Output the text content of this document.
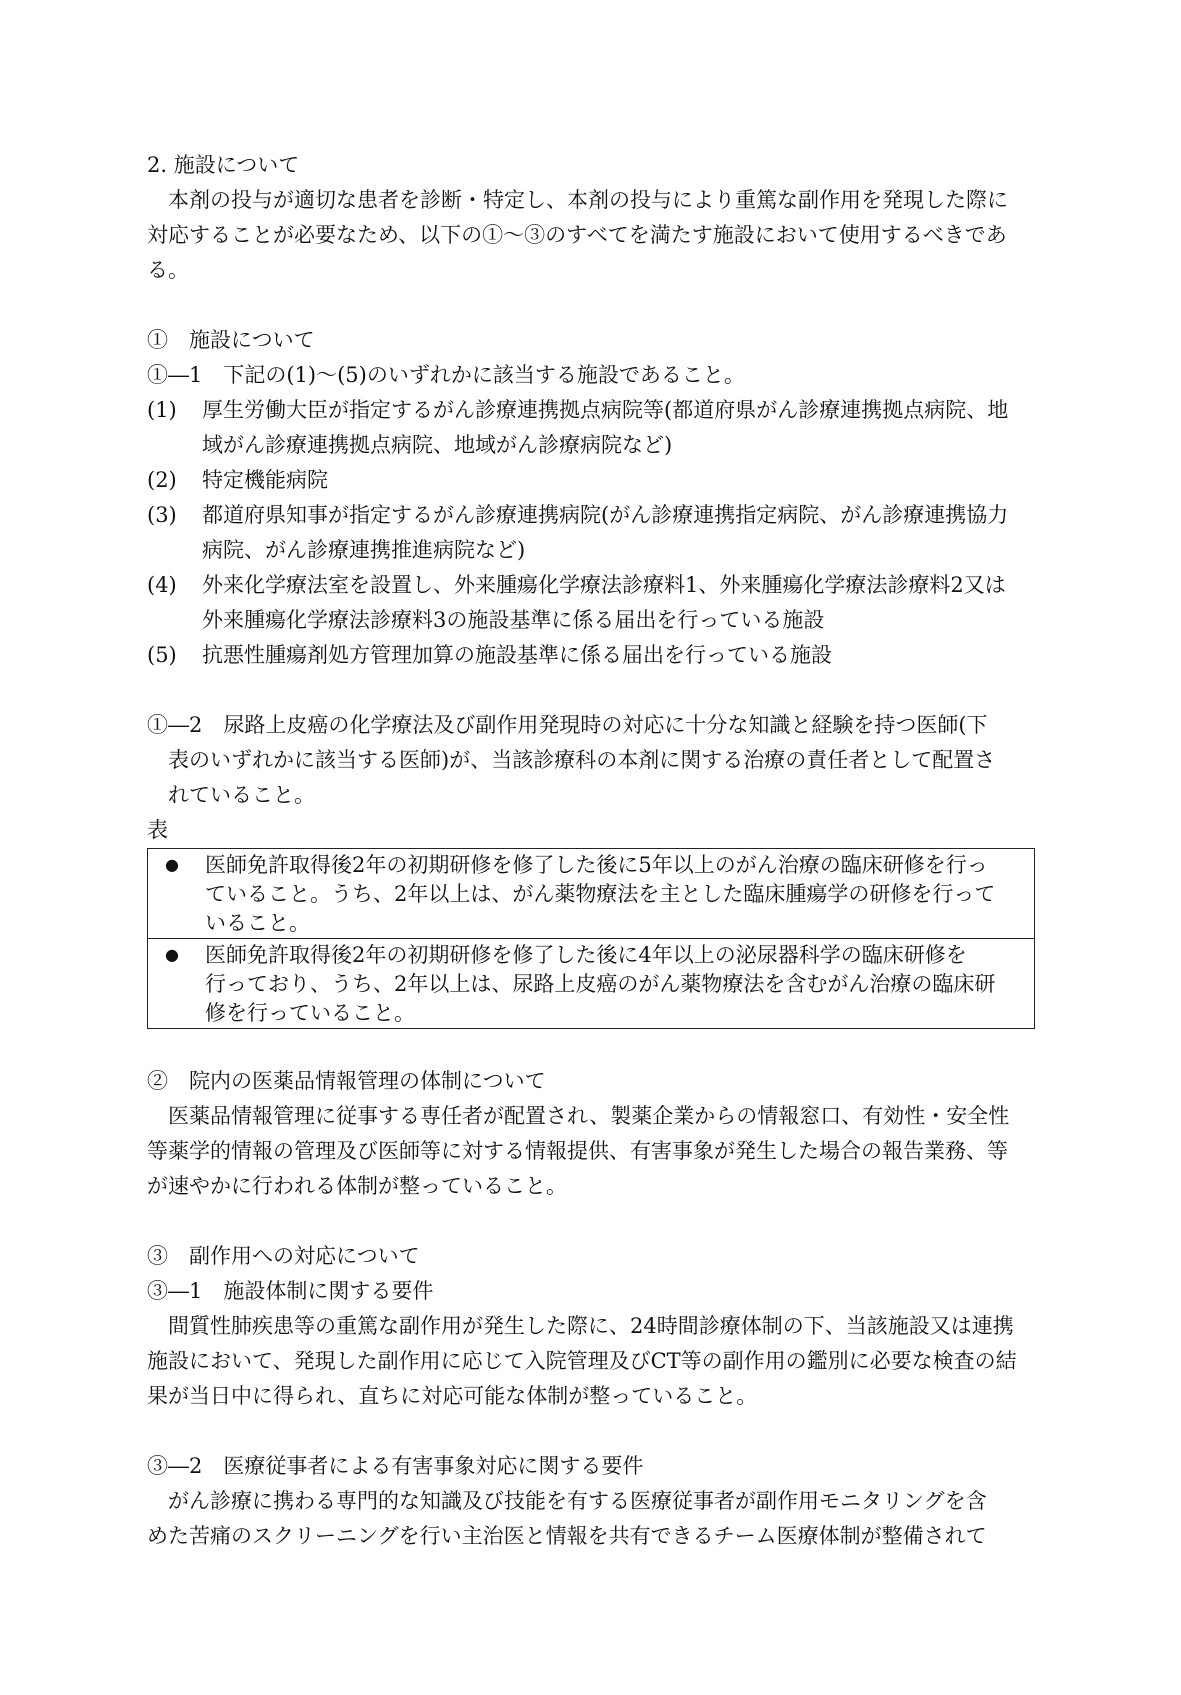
2. 施設について
本剤の投与が適切な患者を診断・特定し、本剤の投与により重篤な副作用を発現した際に
対応することが必要なため、以下の①～③のすべてを満たす施設において使用するべきであ
る。
①　施設について
①―1　下記の(1)～(5)のいずれかに該当する施設であること。
(1) 厚生労働大臣が指定するがん診療連携拠点病院等(都道府県がん診療連携拠点病院、地
域がん診療連携拠点病院、地域がん診療病院など)
(2) 特定機能病院
(3) 都道府県知事が指定するがん診療連携病院(がん診療連携指定病院、がん診療連携協力
病院、がん診療連携推進病院など)
(4) 外来化学療法室を設置し、外来腫瘍化学療法診療料1、外来腫瘍化学療法診療料2又は
外来腫瘍化学療法診療料3の施設基準に係る届出を行っている施設
(5) 抗悪性腫瘍剤処方管理加算の施設基準に係る届出を行っている施設
①―2　尿路上皮癌の化学療法及び副作用発現時の対応に十分な知識と経験を持つ医師(下
表のいずれかに該当する医師)が、当該診療科の本剤に関する治療の責任者として配置さ
れていること。
表
● 医師免許取得後2年の初期研修を修了した後に5年以上のがん治療の臨床研修を行っ
ていること。うち、2年以上は、がん薬物療法を主とした臨床腫瘍学の研修を行って
いること。
● 医師免許取得後2年の初期研修を修了した後に4年以上の泌尿器科学の臨床研修を
行っており、うち、2年以上は、尿路上皮癌のがん薬物療法を含むがん治療の臨床研
修を行っていること。
②　院内の医薬品情報管理の体制について
医薬品情報管理に従事する専任者が配置され、製薬企業からの情報窓口、有効性・安全性
等薬学的情報の管理及び医師等に対する情報提供、有害事象が発生した場合の報告業務、等
が速やかに行われる体制が整っていること。
③　副作用への対応について
③―1　施設体制に関する要件
間質性肺疾患等の重篤な副作用が発生した際に、24時間診療体制の下、当該施設又は連携
施設において、発現した副作用に応じて入院管理及びCT等の副作用の鑑別に必要な検査の結
果が当日中に得られ、直ちに対応可能な体制が整っていること。
③―2　医療従事者による有害事象対応に関する要件
がん診療に携わる専門的な知識及び技能を有する医療従事者が副作用モニタリングを含
めた苦痛のスクリーニングを行い主治医と情報を共有できるチーム医療体制が整備されて
